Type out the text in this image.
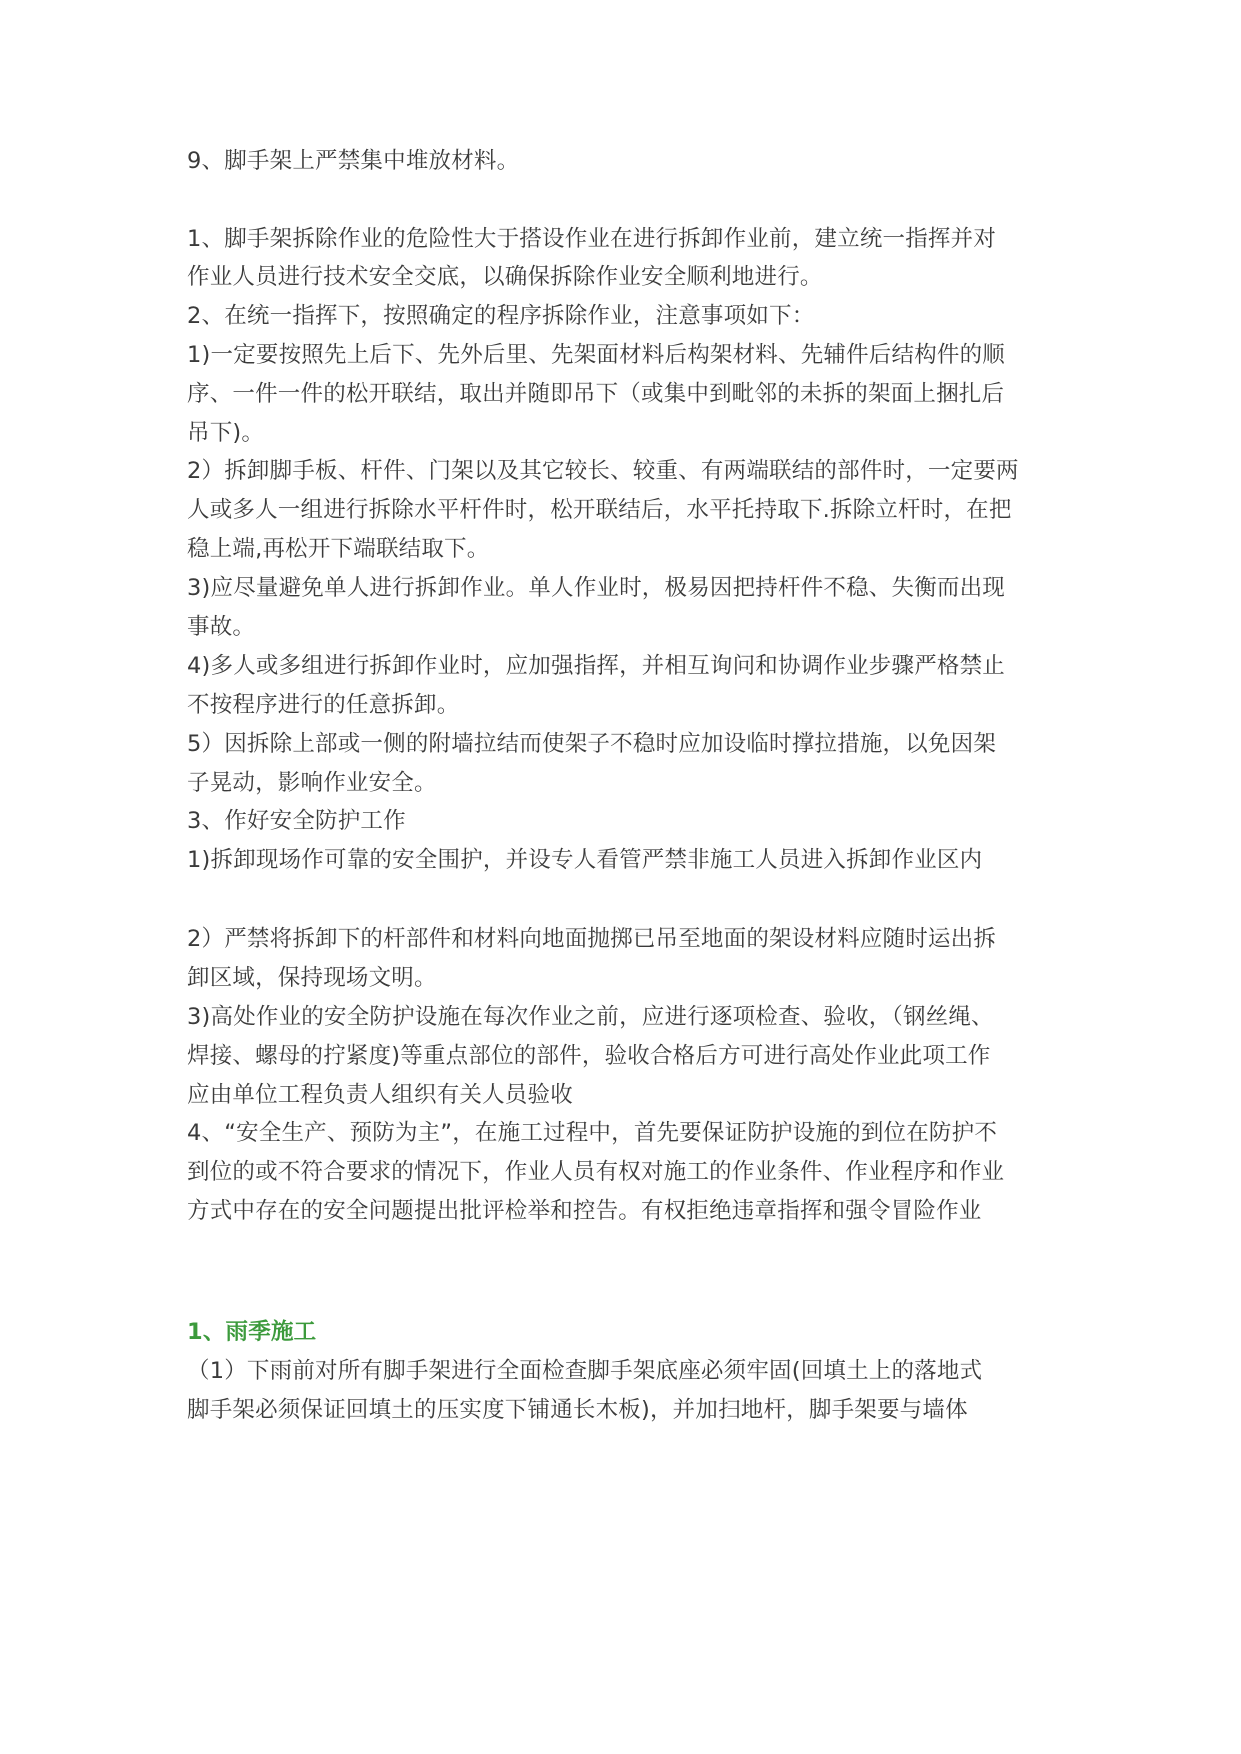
9、脚手架上严禁集中堆放材料。

1、脚手架拆除作业的危险性大于搭设作业在进行拆卸作业前，建立统一指挥并对

作业人员进行技术安全交底，以确保拆除作业安全顺利地进行。

2、在统一指挥下，按照确定的程序拆除作业，注意事项如下：

1)一定要按照先上后下、先外后里、先架面材料后构架材料、先辅件后结构件的顺

序、一件一件的松开联结，取出并随即吊下（或集中到毗邻的未拆的架面上捆扎后

吊下)。

2）拆卸脚手板、杆件、门架以及其它较长、较重、有两端联结的部件时，一定要两

人或多人一组进行拆除水平杆件时，松开联结后，水平托持取下.拆除立杆时，在把

稳上端,再松开下端联结取下。

3)应尽量避免单人进行拆卸作业。单人作业时，极易因把持杆件不稳、失衡而出现

事故。

4)多人或多组进行拆卸作业时，应加强指挥，并相互询问和协调作业步骤严格禁止

不按程序进行的任意拆卸。

5）因拆除上部或一侧的附墙拉结而使架子不稳时应加设临时撑拉措施，以免因架

子晃动，影响作业安全。

3、作好安全防护工作

1)拆卸现场作可靠的安全围护，并设专人看管严禁非施工人员进入拆卸作业区内

2）严禁将拆卸下的杆部件和材料向地面抛掷已吊至地面的架设材料应随时运出拆

卸区域，保持现场文明。

3)高处作业的安全防护设施在每次作业之前，应进行逐项检查、验收，（钢丝绳、

焊接、螺母的拧紧度)等重点部位的部件，验收合格后方可进行高处作业此项工作

应由单位工程负责人组织有关人员验收

4、“安全生产、预防为主”，在施工过程中，首先要保证防护设施的到位在防护不

到位的或不符合要求的情况下，作业人员有权对施工的作业条件、作业程序和作业

方式中存在的安全问题提出批评检举和控告。有权拒绝违章指挥和强令冒险作业

1、雨季施工

（1）下雨前对所有脚手架进行全面检查脚手架底座必须牢固(回填土上的落地式

脚手架必须保证回填土的压实度下铺通长木板)，并加扫地杆，脚手架要与墙体
